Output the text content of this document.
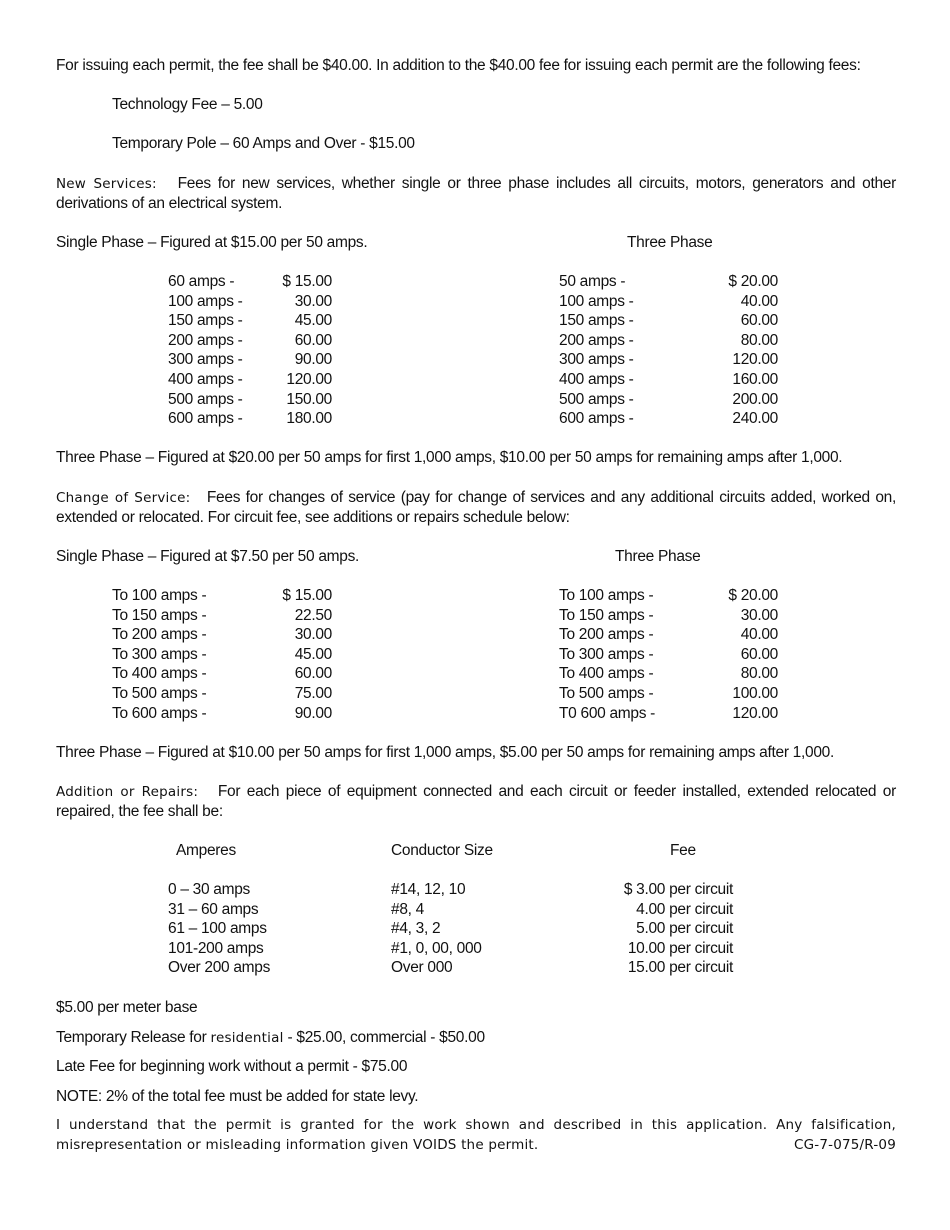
For issuing each permit, the fee shall be $40.00. In addition to the $40.00 fee for issuing each permit are the following fees:
Technology Fee – 5.00
Temporary Pole – 60 Amps and Over - $15.00
New Services: Fees for new services, whether single or three phase includes all circuits, motors, generators and other derivations of an electrical system.
Single Phase – Figured at $15.00 per 50 amps.	Three Phase
60 amps -	$ 15.00
100 amps -	30.00
150 amps -	45.00
200 amps -	60.00
300 amps -	90.00
400 amps -	120.00
500 amps -	150.00
600 amps -	180.00
50 amps -	$ 20.00
100 amps -	40.00
150 amps -	60.00
200 amps -	80.00
300 amps -	120.00
400 amps -	160.00
500 amps -	200.00
600 amps -	240.00
Three Phase – Figured at $20.00 per 50 amps for first 1,000 amps, $10.00 per 50 amps for remaining amps after 1,000.
Change of Service: Fees for changes of service (pay for change of services and any additional circuits added, worked on, extended or relocated. For circuit fee, see additions or repairs schedule below:
Single Phase – Figured at $7.50 per 50 amps.	Three Phase
To 100 amps -	$ 15.00
To 150 amps -	22.50
To 200 amps -	30.00
To 300 amps -	45.00
To 400 amps -	60.00
To 500 amps -	75.00
To 600 amps -	90.00
To 100 amps -	$ 20.00
To 150 amps -	30.00
To 200 amps -	40.00
To 300 amps -	60.00
To 400 amps -	80.00
To 500 amps -	100.00
T0 600 amps -	120.00
Three Phase – Figured at $10.00 per 50 amps for first 1,000 amps, $5.00 per 50 amps for remaining amps after 1,000.
Addition or Repairs: For each piece of equipment connected and each circuit or feeder installed, extended relocated or repaired, the fee shall be:
Amperes	Conductor Size	Fee
0 – 30 amps	#14, 12, 10	$ 3.00 per circuit
31 – 60 amps	#8, 4	4.00 per circuit
61 – 100 amps	#4, 3, 2	5.00 per circuit
101-200 amps	#1, 0, 00, 000	10.00 per circuit
Over 200 amps	Over 000	15.00 per circuit
$5.00 per meter base
Temporary Release for residential - $25.00, commercial - $50.00
Late Fee for beginning work without a permit - $75.00
NOTE: 2% of the total fee must be added for state levy.
I understand that the permit is granted for the work shown and described in this application. Any falsification,
misrepresentation or misleading information given VOIDS the permit.	CG-7-075/R-09
